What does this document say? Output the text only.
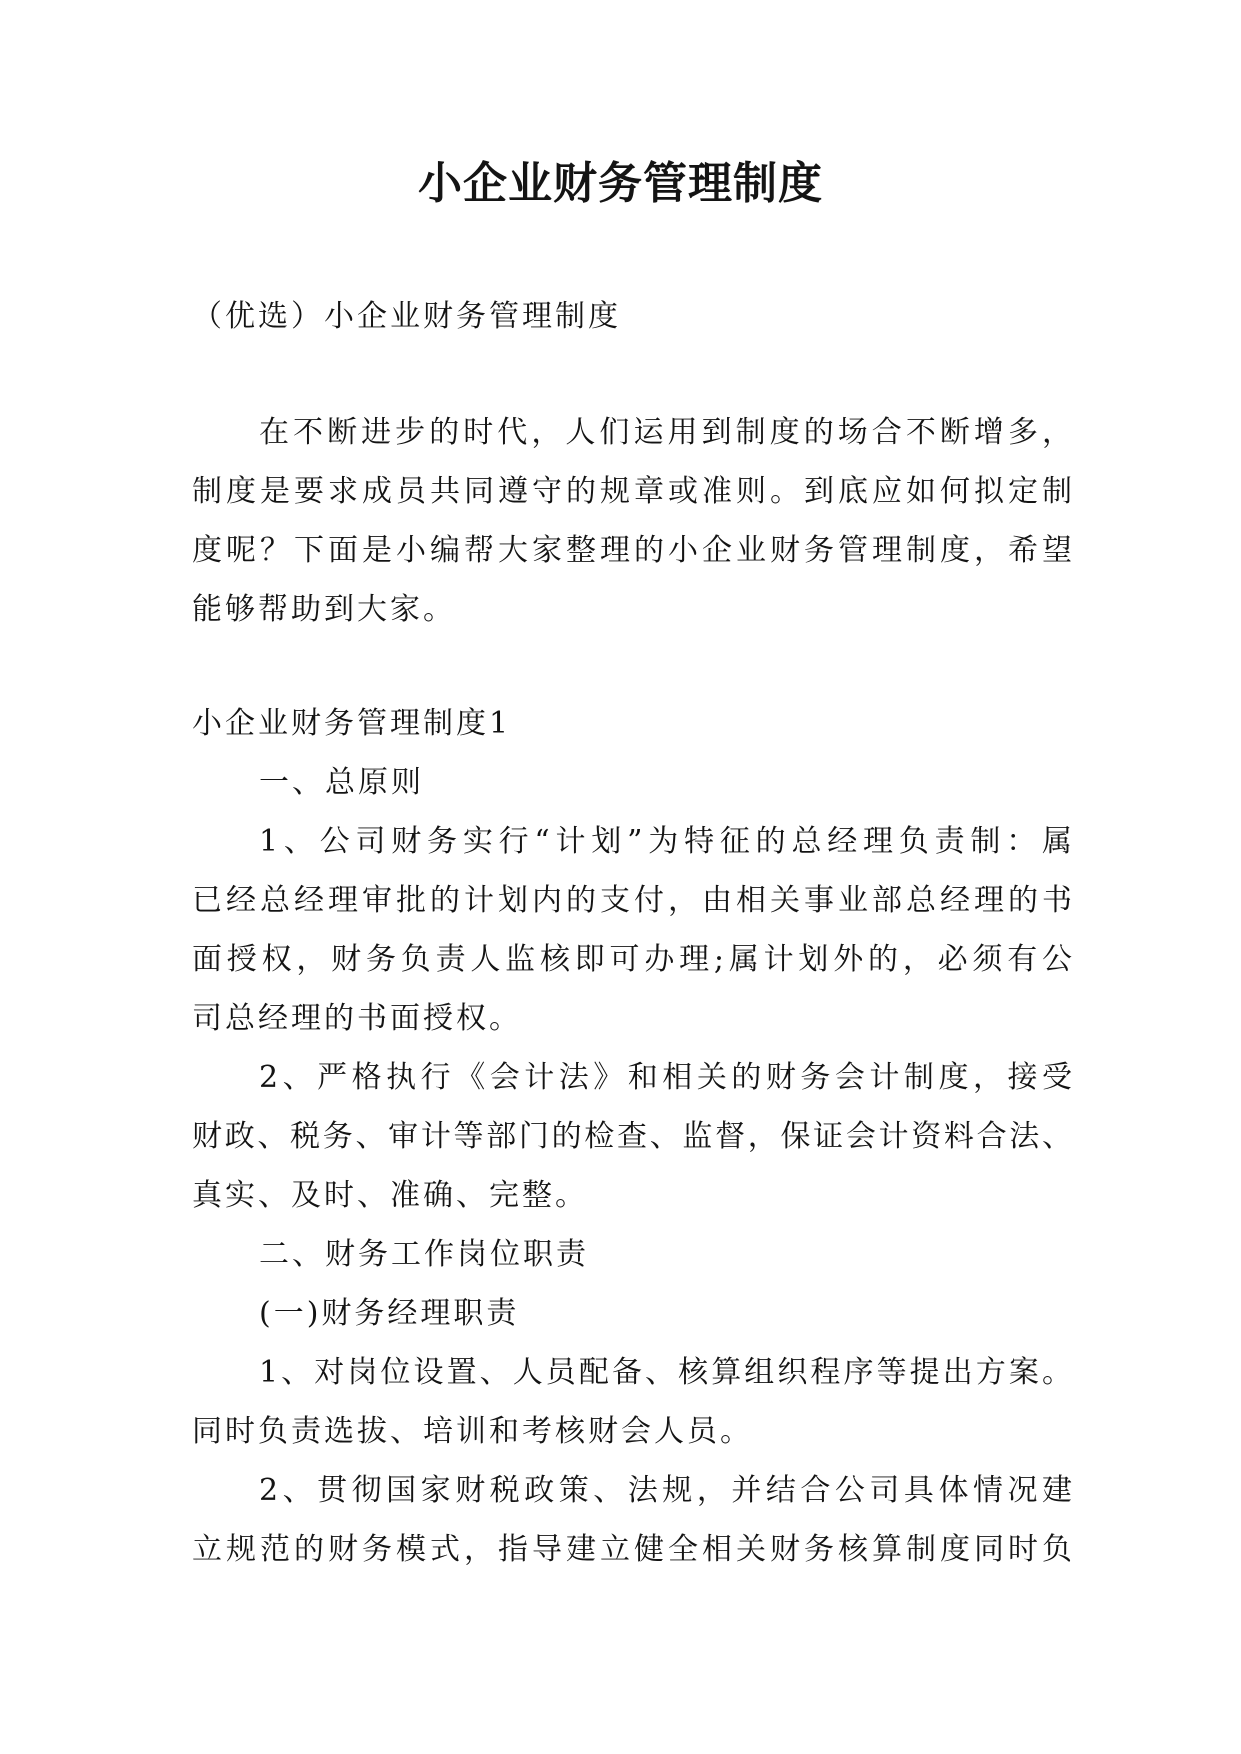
小企业财务管理制度
（优选）小企业财务管理制度
在不断进步的时代，人们运用到制度的场合不断增多，
制度是要求成员共同遵守的规章或准则。到底应如何拟定制
度呢？下面是小编帮大家整理的小企业财务管理制度，希望
能够帮助到大家。
小企业财务管理制度1
一、总原则
1、公司财务实行“计划”为特征的总经理负责制：属
已经总经理审批的计划内的支付，由相关事业部总经理的书
面授权，财务负责人监核即可办理;属计划外的，必须有公
司总经理的书面授权。
2、严格执行《会计法》和相关的财务会计制度，接受
财政、税务、审计等部门的检查、监督，保证会计资料合法、
真实、及时、准确、完整。
二、财务工作岗位职责
(一)财务经理职责
1、对岗位设置、人员配备、核算组织程序等提出方案。
同时负责选拔、培训和考核财会人员。
2、贯彻国家财税政策、法规，并结合公司具体情况建
立规范的财务模式，指导建立健全相关财务核算制度同时负
